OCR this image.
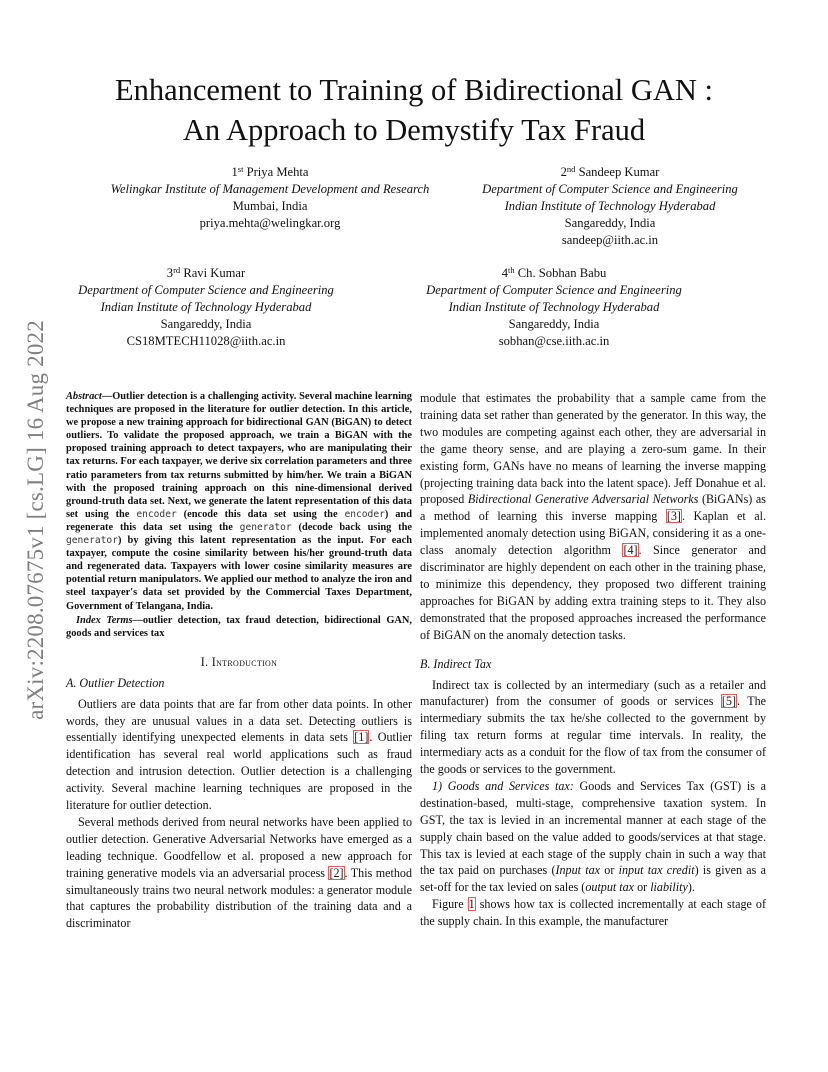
arXiv:2208.07675v1 [cs.LG] 16 Aug 2022
Enhancement to Training of Bidirectional GAN :
An Approach to Demystify Tax Fraud
1st Priya Mehta
Welingkar Institute of Management Development and Research
Mumbai, India
priya.mehta@welingkar.org
2nd Sandeep Kumar
Department of Computer Science and Engineering
Indian Institute of Technology Hyderabad
Sangareddy, India
sandeep@iith.ac.in
3rd Ravi Kumar
Department of Computer Science and Engineering
Indian Institute of Technology Hyderabad
Sangareddy, India
CS18MTECH11028@iith.ac.in
4th Ch. Sobhan Babu
Department of Computer Science and Engineering
Indian Institute of Technology Hyderabad
Sangareddy, India
sobhan@cse.iith.ac.in

Abstract—Outlier detection is a challenging activity. Several machine learning techniques are proposed in the literature for outlier detection. In this article, we propose a new training approach for bidirectional GAN (BiGAN) to detect outliers. To validate the proposed approach, we train a BiGAN with the proposed training approach to detect taxpayers, who are manipulating their tax returns. For each taxpayer, we derive six correlation parameters and three ratio parameters from tax returns submitted by him/her. We train a BiGAN with the proposed training approach on this nine-dimensional derived ground-truth data set. Next, we generate the latent representation of this data set using the encoder (encode this data set using the encoder) and regenerate this data set using the generator (decode back using the generator) by giving this latent representation as the input. For each taxpayer, compute the cosine similarity between his/her ground-truth data and regenerated data. Taxpayers with lower cosine similarity measures are potential return manipulators. We applied our method to analyze the iron and steel taxpayer's data set provided by the Commercial Taxes Department, Government of Telangana, India.

Index Terms—outlier detection, tax fraud detection, bidirectional GAN, goods and services tax

I. Introduction
A. Outlier Detection

Outliers are data points that are far from other data points. In other words, they are unusual values in a data set. Detecting outliers is essentially identifying unexpected elements in data sets [1]. Outlier identification has several real world applications such as fraud detection and intrusion detection. Outlier detection is a challenging activity. Several machine learning techniques are proposed in the literature for outlier detection.

Several methods derived from neural networks have been applied to outlier detection. Generative Adversarial Networks have emerged as a leading technique. Goodfellow et al. proposed a new approach for training generative models via an adversarial process [2]. This method simultaneously trains two neural network modules: a generator module that captures the probability distribution of the training data and a discriminator

module that estimates the probability that a sample came from the training data set rather than generated by the generator. In this way, the two modules are competing against each other, they are adversarial in the game theory sense, and are playing a zero-sum game. In their existing form, GANs have no means of learning the inverse mapping (projecting training data back into the latent space). Jeff Donahue et al. proposed Bidirectional Generative Adversarial Networks (BiGANs) as a method of learning this inverse mapping [3]. Kaplan et al. implemented anomaly detection using BiGAN, considering it as a one-class anomaly detection algorithm [4]. Since generator and discriminator are highly dependent on each other in the training phase, to minimize this dependency, they proposed two different training approaches for BiGAN by adding extra training steps to it. They also demonstrated that the proposed approaches increased the performance of BiGAN on the anomaly detection tasks.

B. Indirect Tax

Indirect tax is collected by an intermediary (such as a retailer and manufacturer) from the consumer of goods or services [5]. The intermediary submits the tax he/she collected to the government by filing tax return forms at regular time intervals. In reality, the intermediary acts as a conduit for the flow of tax from the consumer of the goods or services to the government.

1) Goods and Services tax: Goods and Services Tax (GST) is a destination-based, multi-stage, comprehensive taxation system. In GST, the tax is levied in an incremental manner at each stage of the supply chain based on the value added to goods/services at that stage. This tax is levied at each stage of the supply chain in such a way that the tax paid on purchases (Input tax or input tax credit) is given as a set-off for the tax levied on sales (output tax or liability).

Figure 1 shows how tax is collected incrementally at each stage of the supply chain. In this example, the manufacturer
